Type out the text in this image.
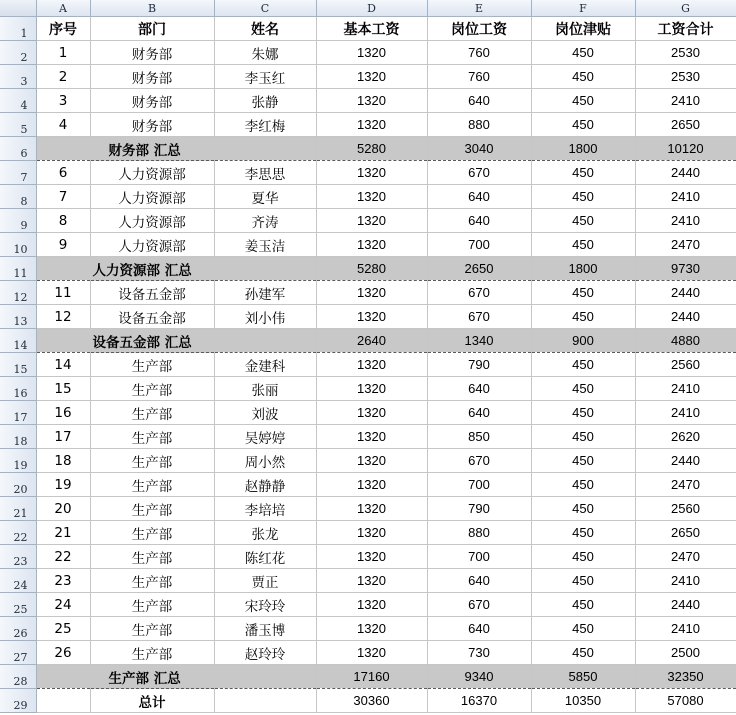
	A	B	C	D	E	F	G
1	序号	部门	姓名	基本工资	岗位工资	岗位津贴	工资合计
2	1	财务部	朱娜	1320	760	450	2530
3	2	财务部	李玉红	1320	760	450	2530
4	3	财务部	张静	1320	640	450	2410
5	4	财务部	李红梅	1320	880	450	2650
6		财务部 汇总		5280	3040	1800	10120
7	6	人力资源部	李思思	1320	670	450	2440
8	7	人力资源部	夏华	1320	640	450	2410
9	8	人力资源部	齐涛	1320	640	450	2410
10	9	人力资源部	姜玉洁	1320	700	450	2470
11		人力资源部 汇总		5280	2650	1800	9730
12	11	设备五金部	孙建军	1320	670	450	2440
13	12	设备五金部	刘小伟	1320	670	450	2440
14		设备五金部 汇总		2640	1340	900	4880
15	14	生产部	金建科	1320	790	450	2560
16	15	生产部	张丽	1320	640	450	2410
17	16	生产部	刘波	1320	640	450	2410
18	17	生产部	吴婷婷	1320	850	450	2620
19	18	生产部	周小然	1320	670	450	2440
20	19	生产部	赵静静	1320	700	450	2470
21	20	生产部	李培培	1320	790	450	2560
22	21	生产部	张龙	1320	880	450	2650
23	22	生产部	陈红花	1320	700	450	2470
24	23	生产部	贾正	1320	640	450	2410
25	24	生产部	宋玲玲	1320	670	450	2440
26	25	生产部	潘玉博	1320	640	450	2410
27	26	生产部	赵玲玲	1320	730	450	2500
28		生产部 汇总		17160	9340	5850	32350
29		总计		30360	16370	10350	57080
